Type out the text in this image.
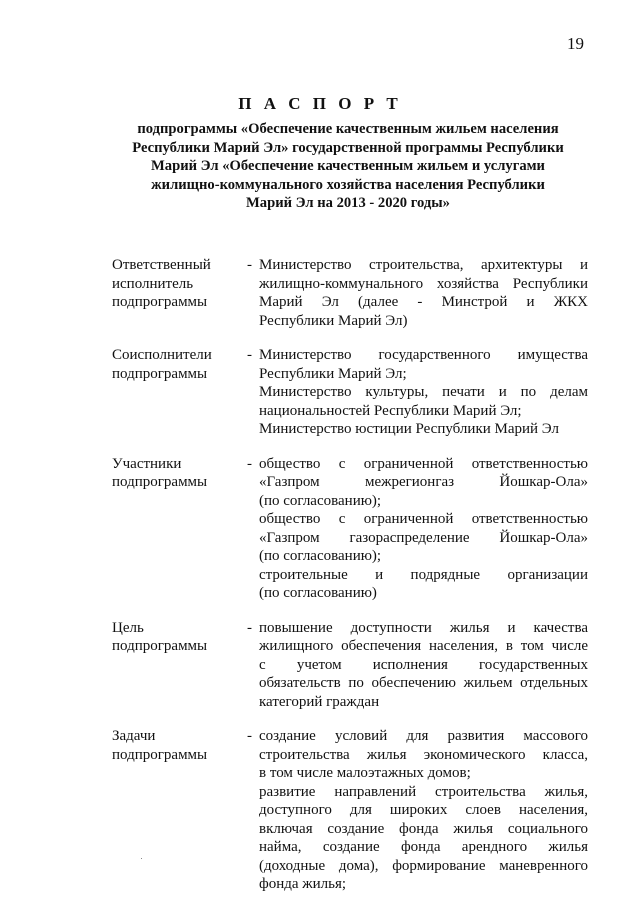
19
П А С П О Р Т
подпрограммы «Обеспечение качественным жильем населения
Республики Марий Эл» государственной программы Республики
Марий Эл «Обеспечение качественным жильем и услугами
жилищно-коммунального хозяйства населения Республики
Марий Эл на 2013 - 2020 годы»
Ответственный
исполнитель
подпрограммы
- Министерство строительства, архитектуры и
жилищно-коммунального хозяйства Республики
Марий Эл (далее - Минстрой и ЖКХ
Республики Марий Эл)
Соисполнители
подпрограммы
- Министерство государственного имущества
Республики Марий Эл;
Министерство культуры, печати и по делам
национальностей Республики Марий Эл;
Министерство юстиции Республики Марий Эл
Участники
подпрограммы
- общество с ограниченной ответственностью
«Газпром межрегионгаз Йошкар-Ола»
(по согласованию);
общество с ограниченной ответственностью
«Газпром газораспределение Йошкар-Ола»
(по согласованию);
строительные и подрядные организации
(по согласованию)
Цель
подпрограммы
- повышение доступности жилья и качества
жилищного обеспечения населения, в том числе
с учетом исполнения государственных
обязательств по обеспечению жильем отдельных
категорий граждан
Задачи
подпрограммы
- создание условий для развития массового
строительства жилья экономического класса,
в том числе малоэтажных домов;
развитие направлений строительства жилья,
доступного для широких слоев населения,
включая создание фонда жилья социального
найма, создание фонда арендного жилья
(доходные дома), формирование маневренного
фонда жилья;
